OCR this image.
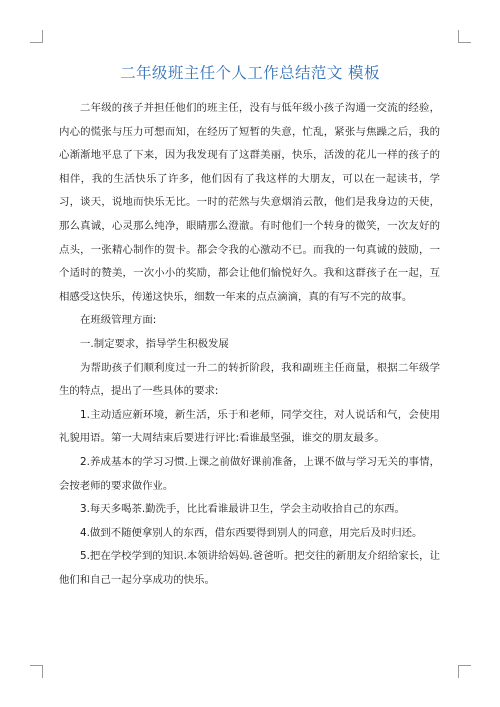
二年级班主任个人工作总结范文 模板

二年级的孩子并担任他们的班主任，没有与低年级小孩子沟通一交流的经验，内心的慌张与压力可想而知，在经历了短暂的失意，忙乱，紧张与焦躁之后，我的心渐渐地平息了下来，因为我发现有了这群美丽，快乐，活泼的花儿一样的孩子的相伴，我的生活快乐了许多，他们因有了我这样的大朋友，可以在一起读书，学习，谈天，说地而快乐无比。一时的茫然与失意烟消云散，他们是我身边的天使，那么真诚，心灵那么纯净，眼睛那么澄澈。有时他们一个转身的微笑，一次友好的点头，一张精心制作的贺卡。都会令我的心激动不已。而我的一句真诚的鼓励，一个适时的赞美，一次小小的奖励，都会让他们愉悦好久。我和这群孩子在一起，互相感受这快乐，传递这快乐，细数一年来的点点滴滴，真的有写不完的故事。

在班级管理方面:

一.制定要求，指导学生积极发展

为帮助孩子们顺利度过一升二的转折阶段，我和副班主任商量，根据二年级学生的特点，提出了一些具体的要求:

1.主动适应新环境，新生活，乐于和老师，同学交往，对人说话和气，会使用礼貌用语。第一大周结束后要进行评比:看谁最坚强，谁交的朋友最多。

2.养成基本的学习习惯.上课之前做好课前准备，上课不做与学习无关的事情，会按老师的要求做作业。

3.每天多喝茶.勤洗手，比比看谁最讲卫生，学会主动收拾自己的东西。

4.做到不随便拿别人的东西，借东西要得到别人的同意，用完后及时归还。

5.把在学校学到的知识.本领讲给妈妈.爸爸听。把交往的新朋友介绍给家长，让他们和自己一起分享成功的快乐。
